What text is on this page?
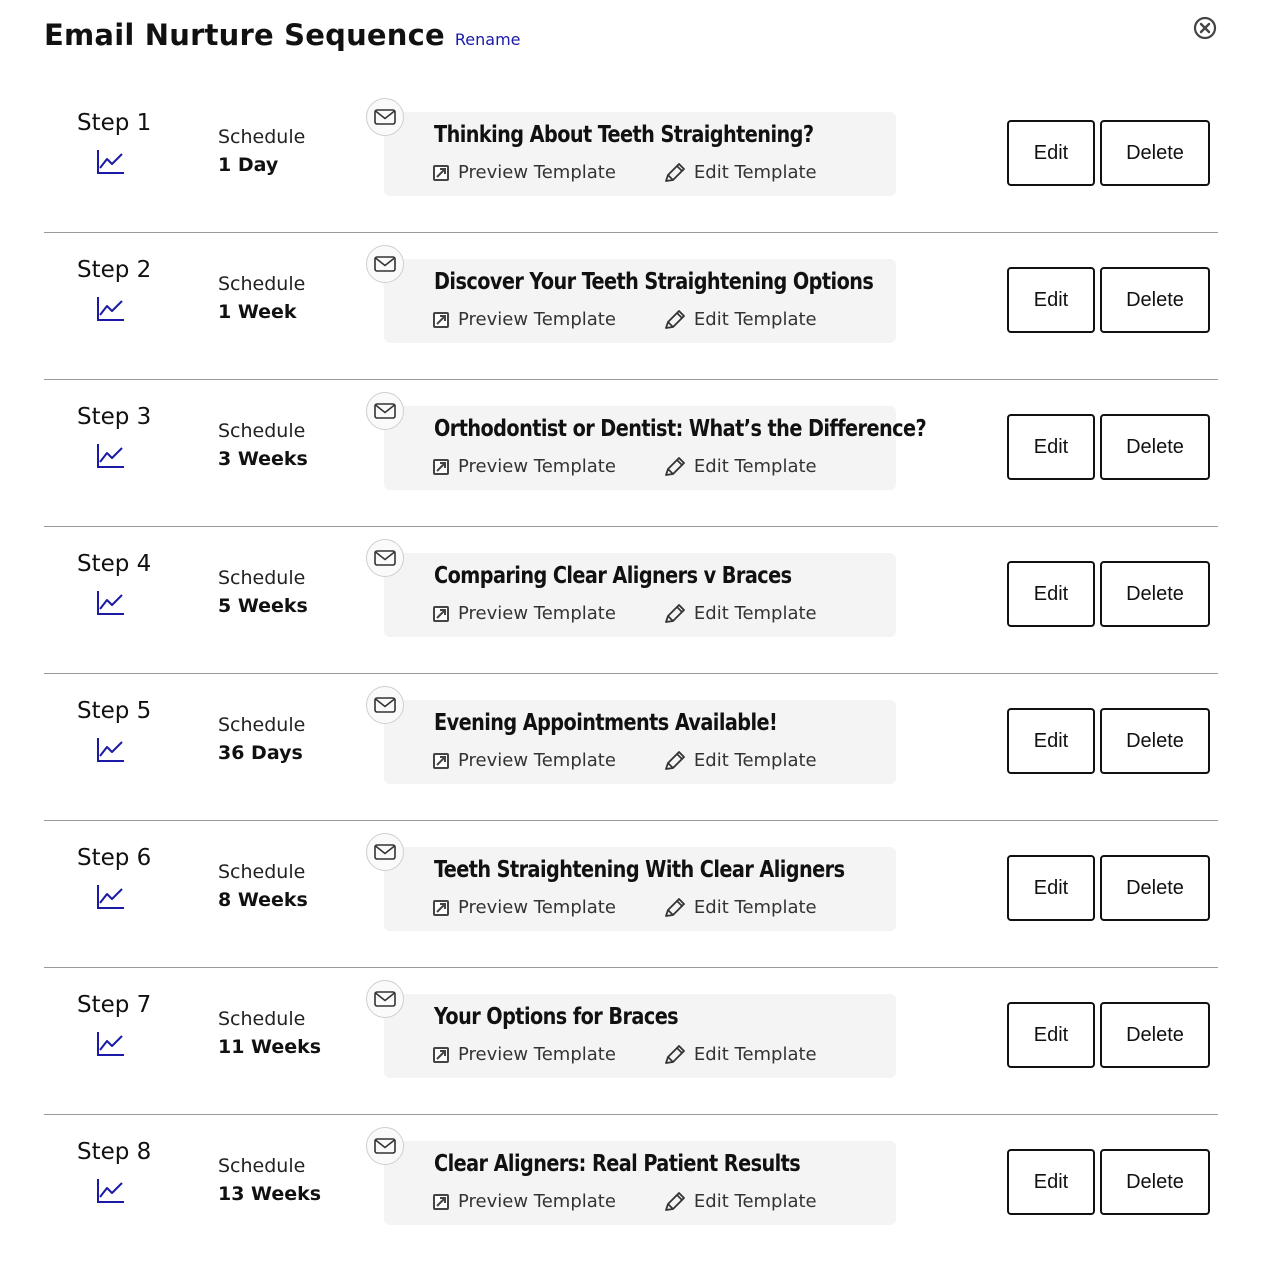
Email Nurture Sequence Rename
Step 1
Schedule
1 Day
Thinking About Teeth Straightening?
Preview Template	Edit Template
Edit	Delete
Step 2
Schedule
1 Week
Discover Your Teeth Straightening Options
Preview Template	Edit Template
Edit	Delete
Step 3
Schedule
3 Weeks
Orthodontist or Dentist: What’s the Difference?
Preview Template	Edit Template
Edit	Delete
Step 4
Schedule
5 Weeks
Comparing Clear Aligners v Braces
Preview Template	Edit Template
Edit	Delete
Step 5
Schedule
36 Days
Evening Appointments Available!
Preview Template	Edit Template
Edit	Delete
Step 6
Schedule
8 Weeks
Teeth Straightening With Clear Aligners
Preview Template	Edit Template
Edit	Delete
Step 7
Schedule
11 Weeks
Your Options for Braces
Preview Template	Edit Template
Edit	Delete
Step 8
Schedule
13 Weeks
Clear Aligners: Real Patient Results
Preview Template	Edit Template
Edit	Delete
